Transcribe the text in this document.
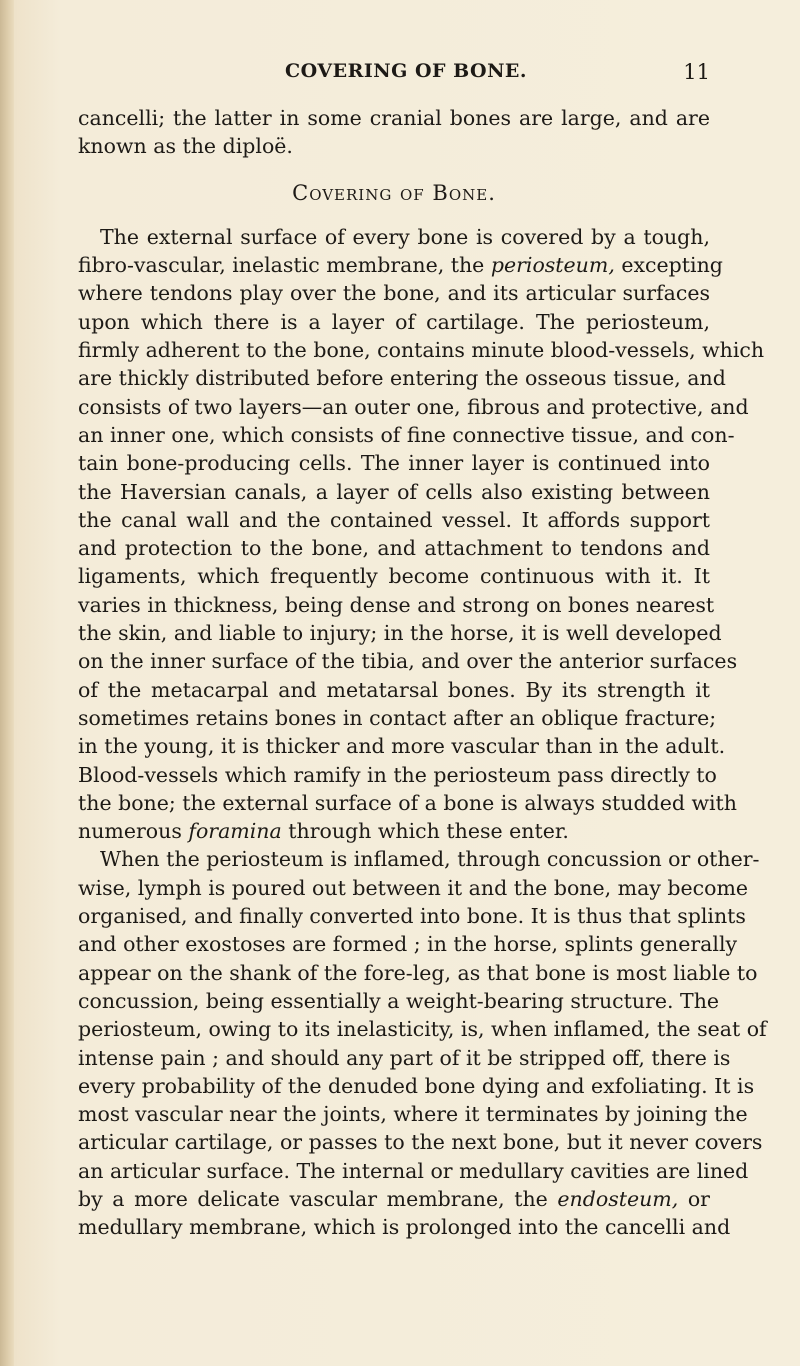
COVERING OF BONE.	11
cancelli; the latter in some cranial bones are large, and are
known as the diploë.
Covering of Bone.
The external surface of every bone is covered by a tough,
fibro-vascular, inelastic membrane, the periosteum, excepting
where tendons play over the bone, and its articular surfaces
upon which there is a layer of cartilage. The periosteum,
firmly adherent to the bone, contains minute blood-vessels, which
are thickly distributed before entering the osseous tissue, and
consists of two layers—an outer one, fibrous and protective, and
an inner one, which consists of fine connective tissue, and con-
tain bone-producing cells. The inner layer is continued into
the Haversian canals, a layer of cells also existing between
the canal wall and the contained vessel. It affords support
and protection to the bone, and attachment to tendons and
ligaments, which frequently become continuous with it. It
varies in thickness, being dense and strong on bones nearest
the skin, and liable to injury; in the horse, it is well developed
on the inner surface of the tibia, and over the anterior surfaces
of the metacarpal and metatarsal bones. By its strength it
sometimes retains bones in contact after an oblique fracture;
in the young, it is thicker and more vascular than in the adult.
Blood-vessels which ramify in the periosteum pass directly to
the bone; the external surface of a bone is always studded with
numerous foramina through which these enter.
When the periosteum is inflamed, through concussion or other-
wise, lymph is poured out between it and the bone, may become
organised, and finally converted into bone. It is thus that splints
and other exostoses are formed ; in the horse, splints generally
appear on the shank of the fore-leg, as that bone is most liable to
concussion, being essentially a weight-bearing structure. The
periosteum, owing to its inelasticity, is, when inflamed, the seat of
intense pain ; and should any part of it be stripped off, there is
every probability of the denuded bone dying and exfoliating. It is
most vascular near the joints, where it terminates by joining the
articular cartilage, or passes to the next bone, but it never covers
an articular surface. The internal or medullary cavities are lined
by a more delicate vascular membrane, the endosteum, or
medullary membrane, which is prolonged into the cancelli and
